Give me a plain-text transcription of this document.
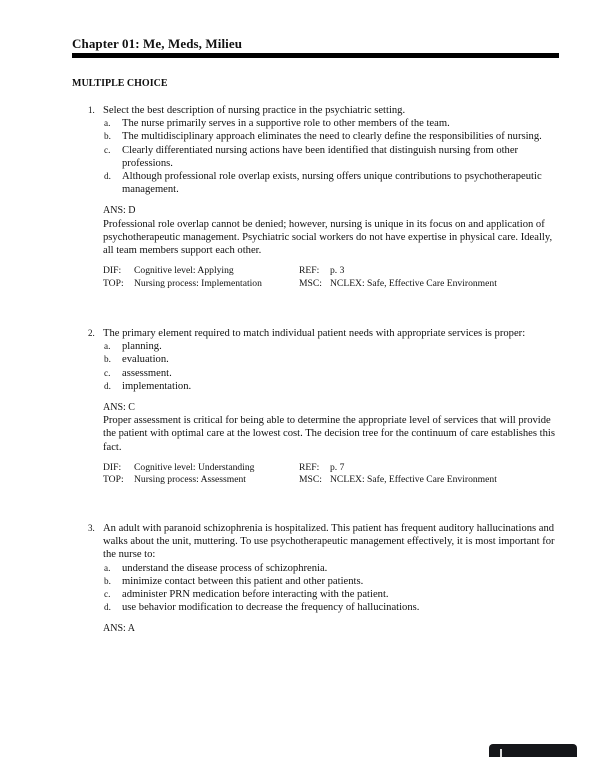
Chapter 01: Me, Meds, Milieu
MULTIPLE CHOICE
1. Select the best description of nursing practice in the psychiatric setting.
a. The nurse primarily serves in a supportive role to other members of the team.
b. The multidisciplinary approach eliminates the need to clearly define the responsibilities of nursing.
c. Clearly differentiated nursing actions have been identified that distinguish nursing from other professions.
d. Although professional role overlap exists, nursing offers unique contributions to psychotherapeutic management.
ANS: D
Professional role overlap cannot be denied; however, nursing is unique in its focus on and application of psychotherapeutic management. Psychiatric social workers do not have expertise in physical care. Ideally, all team members support each other.
DIF: Cognitive level: Applying	REF: p. 3
TOP: Nursing process: Implementation	MSC: NCLEX: Safe, Effective Care Environment
2. The primary element required to match individual patient needs with appropriate services is proper:
a. planning.
b. evaluation.
c. assessment.
d. implementation.
ANS: C
Proper assessment is critical for being able to determine the appropriate level of services that will provide the patient with optimal care at the lowest cost. The decision tree for the continuum of care establishes this fact.
DIF: Cognitive level: Understanding	REF: p. 7
TOP: Nursing process: Assessment	MSC: NCLEX: Safe, Effective Care Environment
3. An adult with paranoid schizophrenia is hospitalized. This patient has frequent auditory hallucinations and walks about the unit, muttering. To use psychotherapeutic management effectively, it is most important for the nurse to:
a. understand the disease process of schizophrenia.
b. minimize contact between this patient and other patients.
c. administer PRN medication before interacting with the patient.
d. use behavior modification to decrease the frequency of hallucinations.
ANS: A
